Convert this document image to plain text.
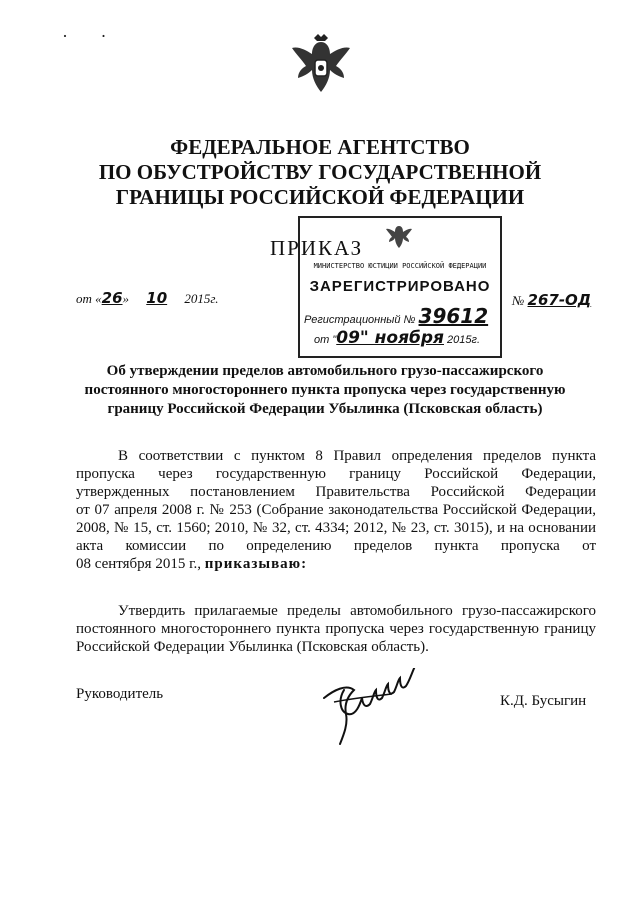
· ·
ФЕДЕРАЛЬНОЕ АГЕНТСТВО
ПО ОБУСТРОЙСТВУ ГОСУДАРСТВЕННОЙ
ГРАНИЦЫ РОССИЙСКОЙ ФЕДЕРАЦИИ
ПРИКАЗ
МИНИСТЕРСТВО ЮСТИЦИИ РОССИЙСКОЙ ФЕДЕРАЦИИ
ЗАРЕГИСТРИРОВАНО
Регистрационный № 39612
от "09" ноября 2015г.
от «26» 10 2015г.	№ 267-ОД
Об утверждении пределов автомобильного грузо-пассажирского
постоянного многостороннего пункта пропуска через государственную
границу Российской Федерации Убылинка (Псковская область)
В соответствии с пунктом 8 Правил определения пределов пункта
пропуска через государственную границу Российской Федерации,
утвержденных постановлением Правительства Российской Федерации
от 07 апреля 2008 г. № 253 (Собрание законодательства Российской Федерации,
2008, № 15, ст. 1560; 2010, № 32, ст. 4334; 2012, № 23, ст. 3015), и на основании
акта комиссии по определению пределов пункта пропуска от
08 сентября 2015 г., приказываю:
Утвердить прилагаемые пределы автомобильного грузо-пассажирского
постоянного многостороннего пункта пропуска через государственную границу
Российской Федерации Убылинка (Псковская область).
Руководитель	К.Д. Бусыгин
